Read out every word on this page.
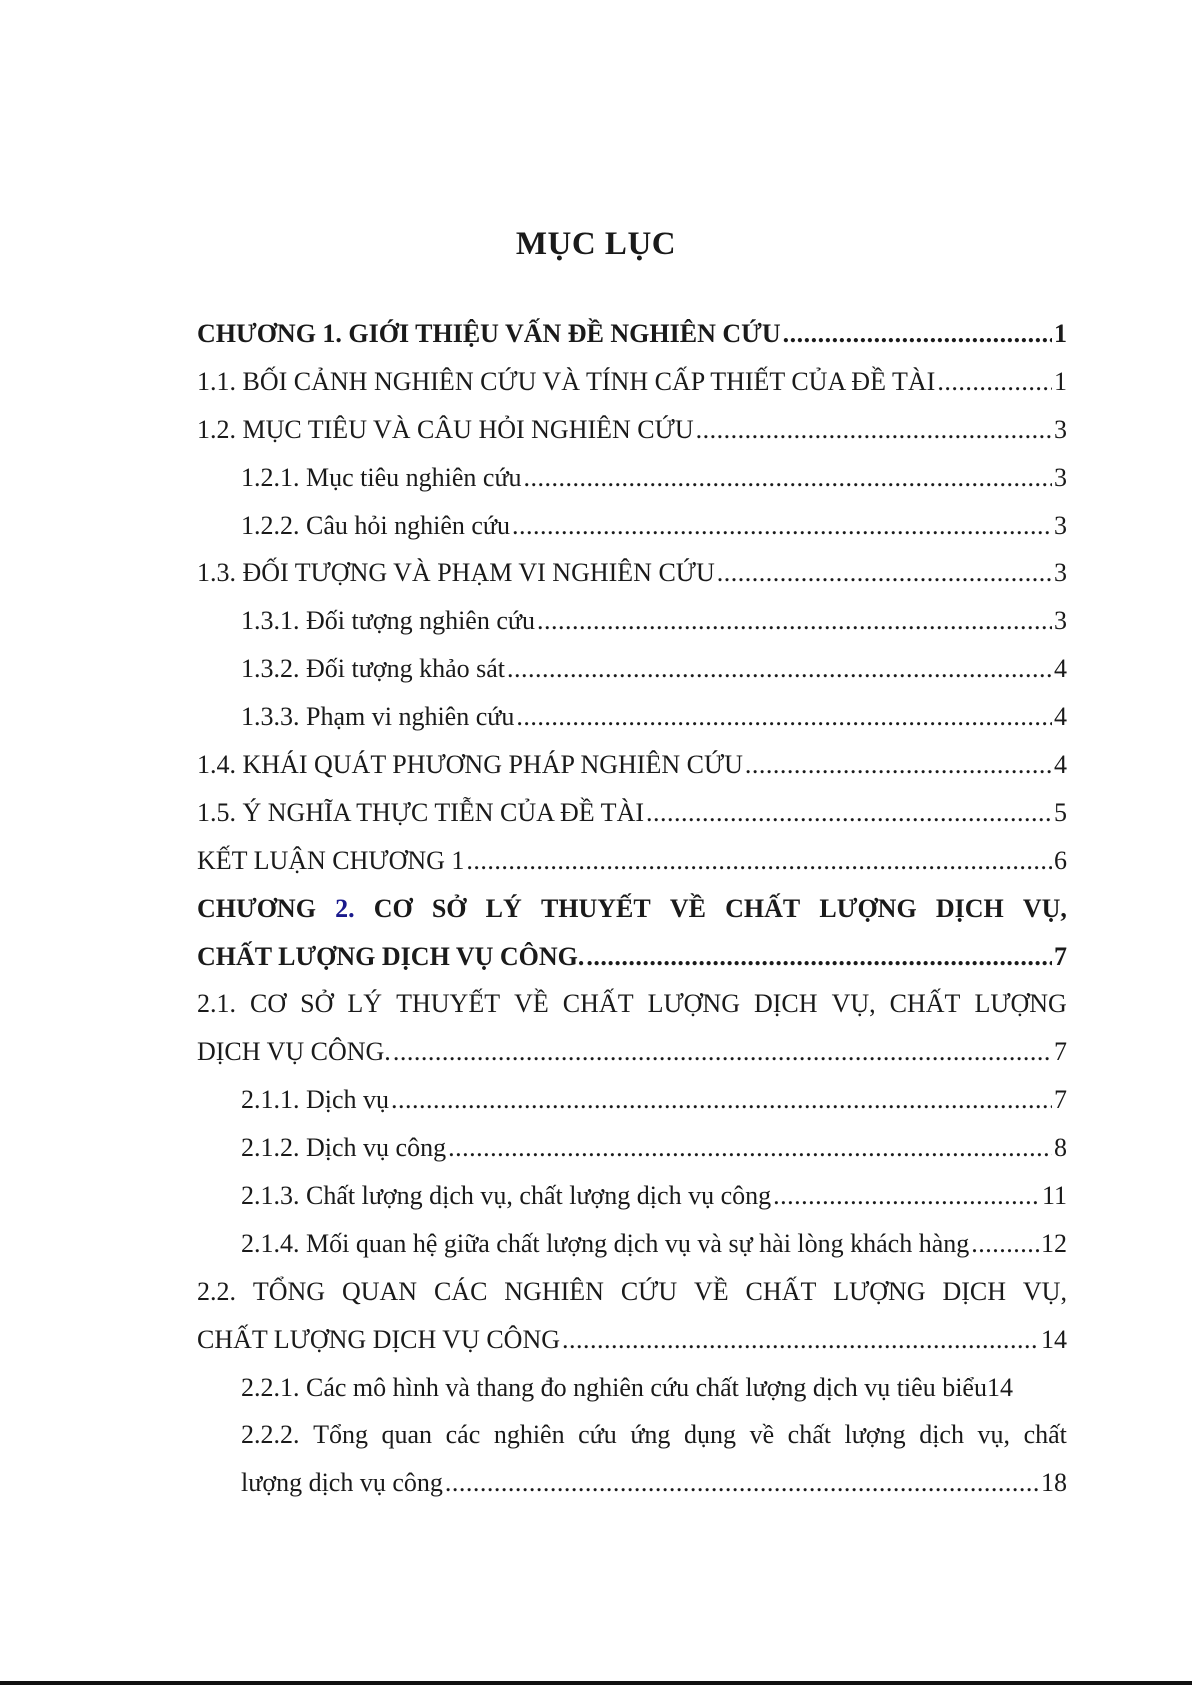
MỤC LỤC
CHƯƠNG 1. GIỚI THIỆU VẤN ĐỀ NGHIÊN CỨU .....	1
1.1. BỐI CẢNH NGHIÊN CỨU VÀ TÍNH CẤP THIẾT CỦA ĐỀ TÀI .....	1
1.2. MỤC TIÊU VÀ CÂU HỎI NGHIÊN CỨU .....	3
1.2.1. Mục tiêu nghiên cứu .....	3
1.2.2. Câu hỏi nghiên cứu .....	3
1.3. ĐỐI TƯỢNG VÀ PHẠM VI NGHIÊN CỨU .....	3
1.3.1. Đối tượng nghiên cứu .....	3
1.3.2. Đối tượng khảo sát .....	4
1.3.3. Phạm vi nghiên cứu .....	4
1.4. KHÁI QUÁT PHƯƠNG PHÁP NGHIÊN CỨU .....	4
1.5. Ý NGHĨA THỰC TIỄN CỦA ĐỀ TÀI .....	5
KẾT LUẬN CHƯƠNG 1 .....	6
CHƯƠNG 2. CƠ SỞ LÝ THUYẾT VỀ CHẤT LƯỢNG DỊCH VỤ,
CHẤT LƯỢNG DỊCH VỤ CÔNG. .....	7
2.1. CƠ SỞ LÝ THUYẾT VỀ CHẤT LƯỢNG DỊCH VỤ, CHẤT LƯỢNG
DỊCH VỤ CÔNG. .....	7
2.1.1. Dịch vụ .....	7
2.1.2. Dịch vụ công .....	8
2.1.3. Chất lượng dịch vụ, chất lượng dịch vụ công .....	11
2.1.4. Mối quan hệ giữa chất lượng dịch vụ và sự hài lòng khách hàng .....	12
2.2. TỔNG QUAN CÁC NGHIÊN CỨU VỀ CHẤT LƯỢNG DỊCH VỤ,
CHẤT LƯỢNG DỊCH VỤ CÔNG .....	14
2.2.1. Các mô hình và thang đo nghiên cứu chất lượng dịch vụ tiêu biểu 14
2.2.2. Tổng quan các nghiên cứu ứng dụng về chất lượng dịch vụ, chất
lượng dịch vụ công .....	18
